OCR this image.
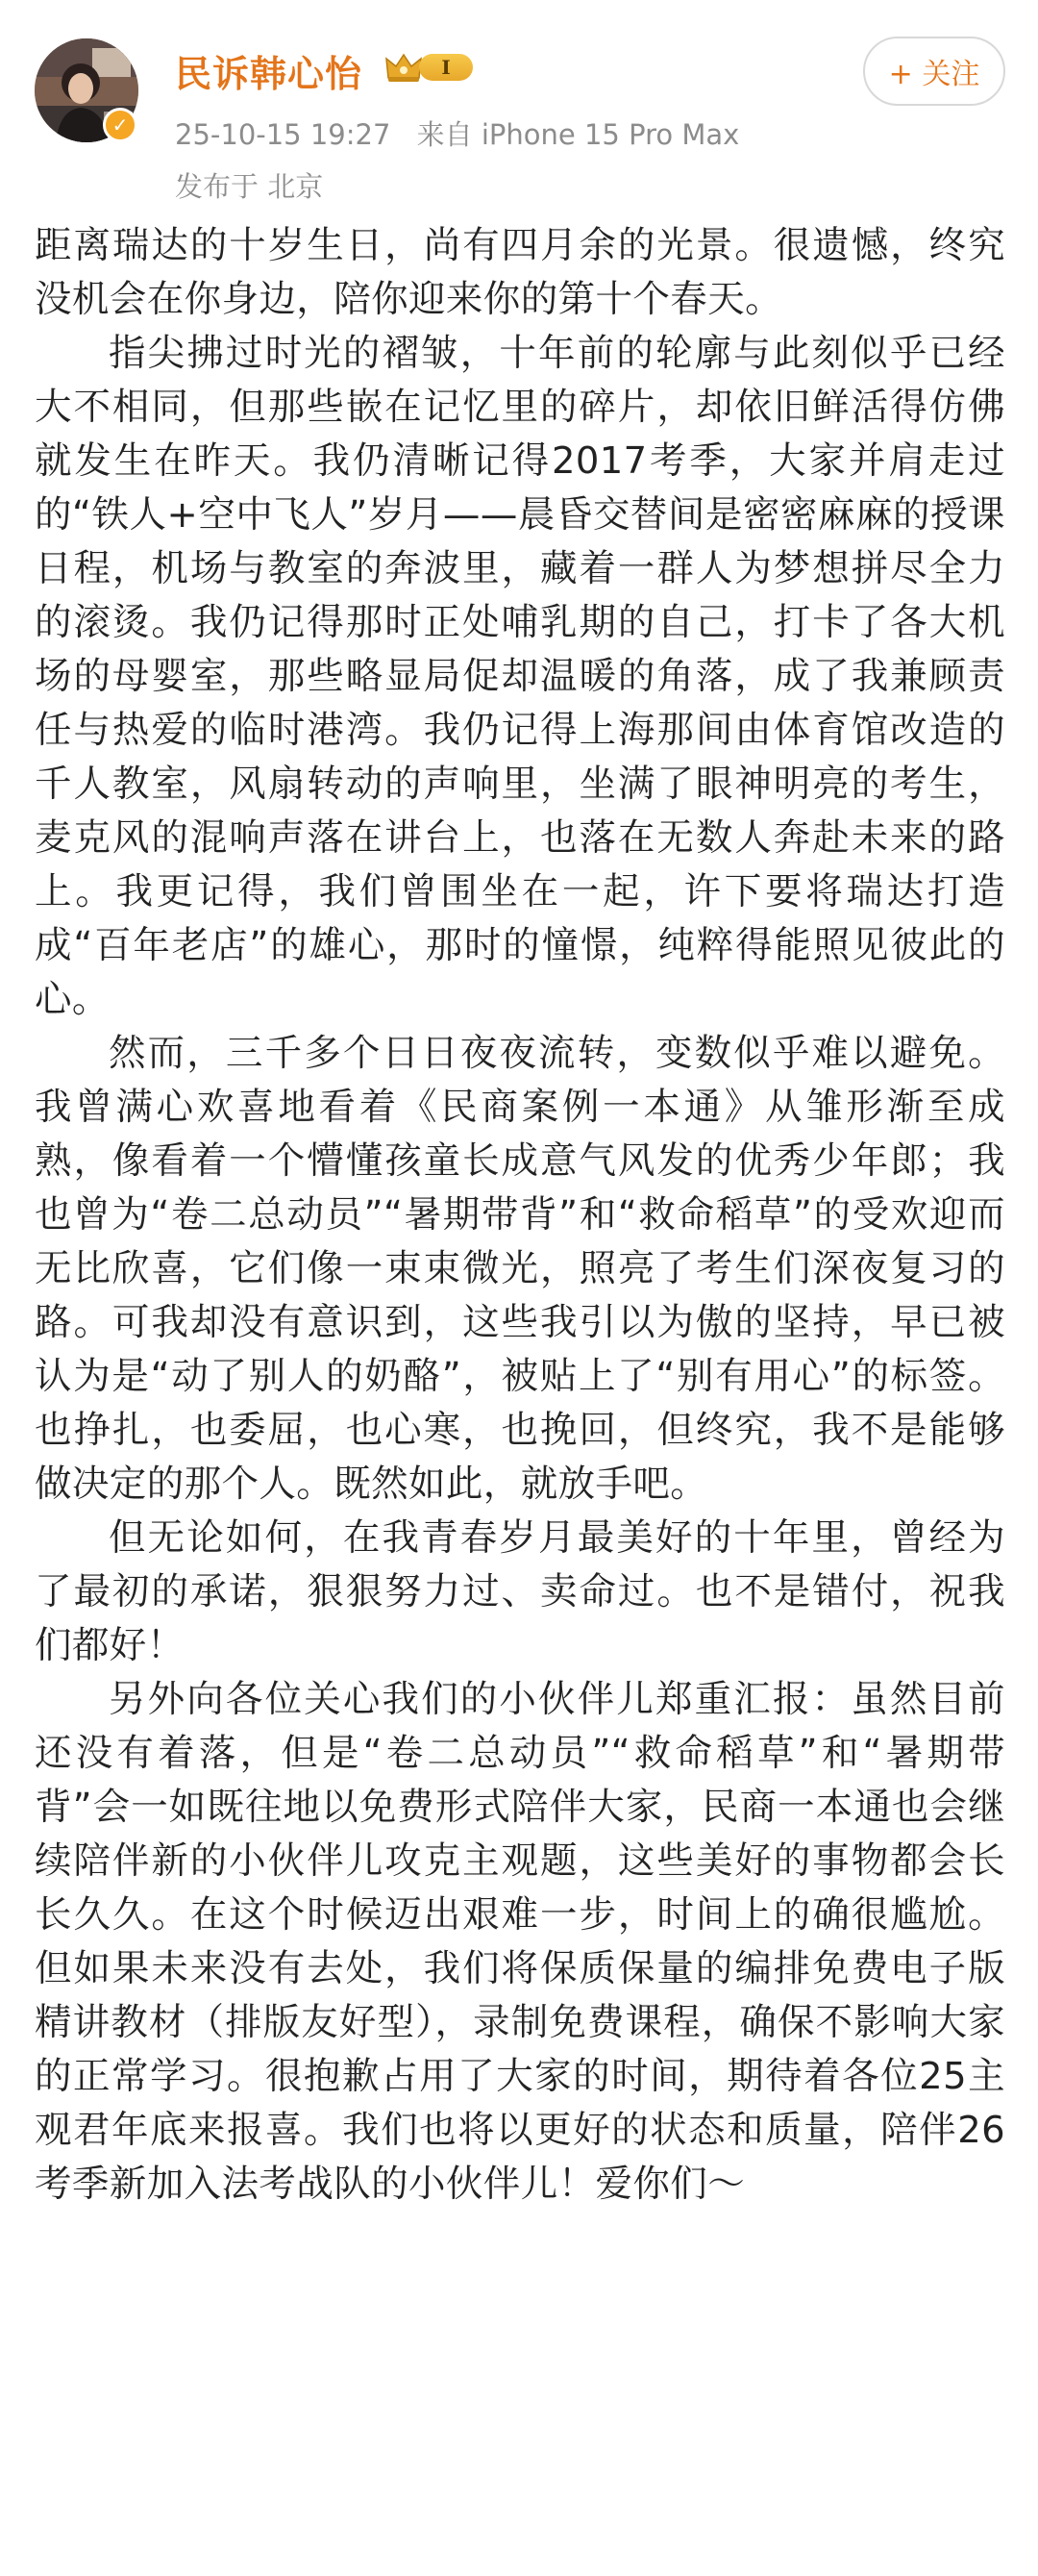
✓
民诉韩心怡	I
25-10-15 19:27 来自 iPhone 15 Pro Max
发布于 北京
+ 关注

距离瑞达的十岁生日，尚有四月余的光景。很遗憾，终究没机会在你身边，陪你迎来你的第十个春天。

指尖拂过时光的褶皱，十年前的轮廓与此刻似乎已经大不相同，但那些嵌在记忆里的碎片，却依旧鲜活得仿佛就发生在昨天。我仍清晰记得2017考季，大家并肩走过的“铁人+空中飞人”岁月——晨昏交替间是密密麻麻的授课日程，机场与教室的奔波里，藏着一群人为梦想拼尽全力的滚烫。我仍记得那时正处哺乳期的自己，打卡了各大机场的母婴室，那些略显局促却温暖的角落，成了我兼顾责任与热爱的临时港湾。我仍记得上海那间由体育馆改造的千人教室，风扇转动的声响里，坐满了眼神明亮的考生，麦克风的混响声落在讲台上，也落在无数人奔赴未来的路上。我更记得，我们曾围坐在一起，许下要将瑞达打造成“百年老店”的雄心，那时的憧憬，纯粹得能照见彼此的心。

然而，三千多个日日夜夜流转，变数似乎难以避免。我曾满心欢喜地看着《民商案例一本通》从雏形渐至成熟，像看着一个懵懂孩童长成意气风发的优秀少年郎；我也曾为“卷二总动员”“暑期带背”和“救命稻草”的受欢迎而无比欣喜，它们像一束束微光，照亮了考生们深夜复习的路。可我却没有意识到，这些我引以为傲的坚持，早已被认为是“动了别人的奶酪”，被贴上了“别有用心”的标签。也挣扎，也委屈，也心寒，也挽回，但终究，我不是能够做决定的那个人。既然如此，就放手吧。

但无论如何，在我青春岁月最美好的十年里，曾经为了最初的承诺，狠狠努力过、卖命过。也不是错付，祝我们都好！

另外向各位关心我们的小伙伴儿郑重汇报：虽然目前还没有着落，但是“卷二总动员”“救命稻草”和“暑期带背”会一如既往地以免费形式陪伴大家，民商一本通也会继续陪伴新的小伙伴儿攻克主观题，这些美好的事物都会长长久久。在这个时候迈出艰难一步，时间上的确很尴尬。但如果未来没有去处，我们将保质保量的编排免费电子版精讲教材（排版友好型），录制免费课程，确保不影响大家的正常学习。很抱歉占用了大家的时间，期待着各位25主观君年底来报喜。我们也将以更好的状态和质量，陪伴26考季新加入法考战队的小伙伴儿！爱你们～
